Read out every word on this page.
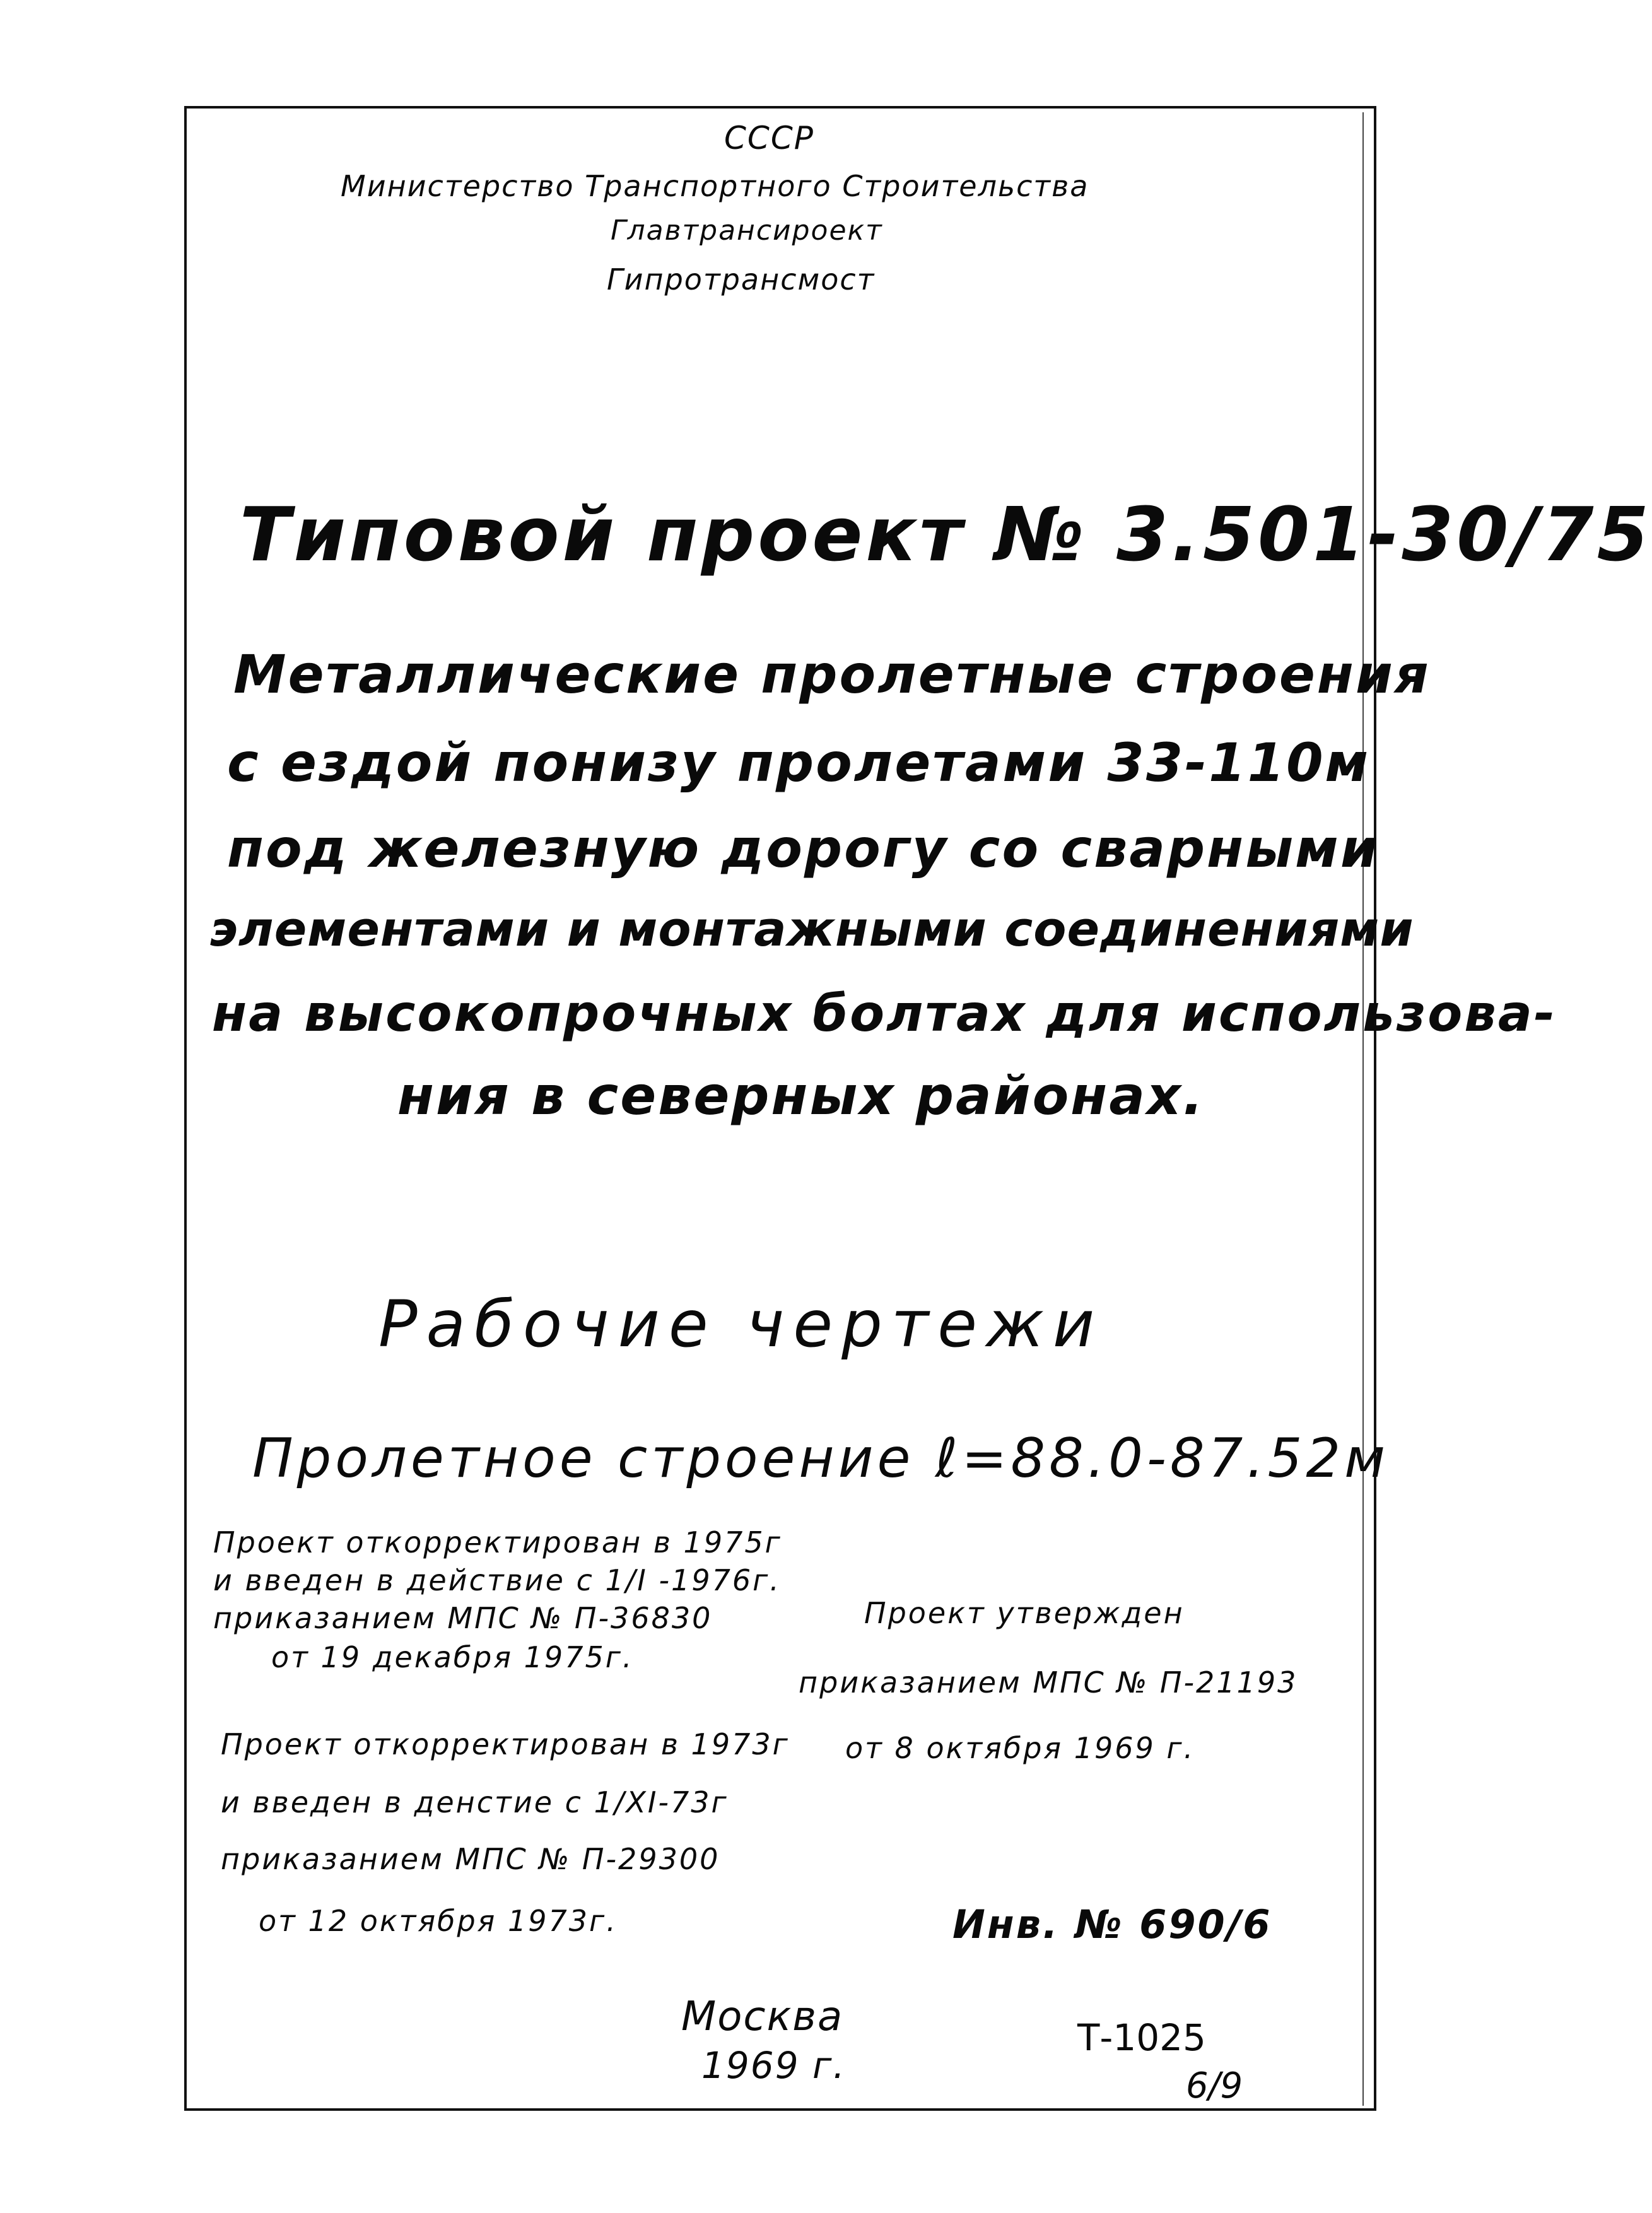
СССР
Министерство Транспортного Строительства
Главтрансироект
Гипротрансмост
Типовой проект № 3.501-30/75
Металлические пролетные строения
с ездой понизу пролетами 33-110м
под железную дорогу со сварными
элементами и монтажными соединениями
на высокопрочных болтах для использова-
ния в северных районах.
Рабочие чертежи
Пролетное строение ℓ=88.0-87.52м
Проект откорректирован в 1975г
и введен в действие с 1/I -1976г.
приказанием МПС № П-36830
от 19 декабря 1975г.
Проект откорректирован в 1973г
и введен в денстие с 1/XI-73г
приказанием МПС № П-29300
от 12 октября 1973г.
Проект утвержден
приказанием МПС № П-21193
от 8 октября 1969 г.
Инв. № 690/6
Москва
1969 г.
Т-1025
6/9
